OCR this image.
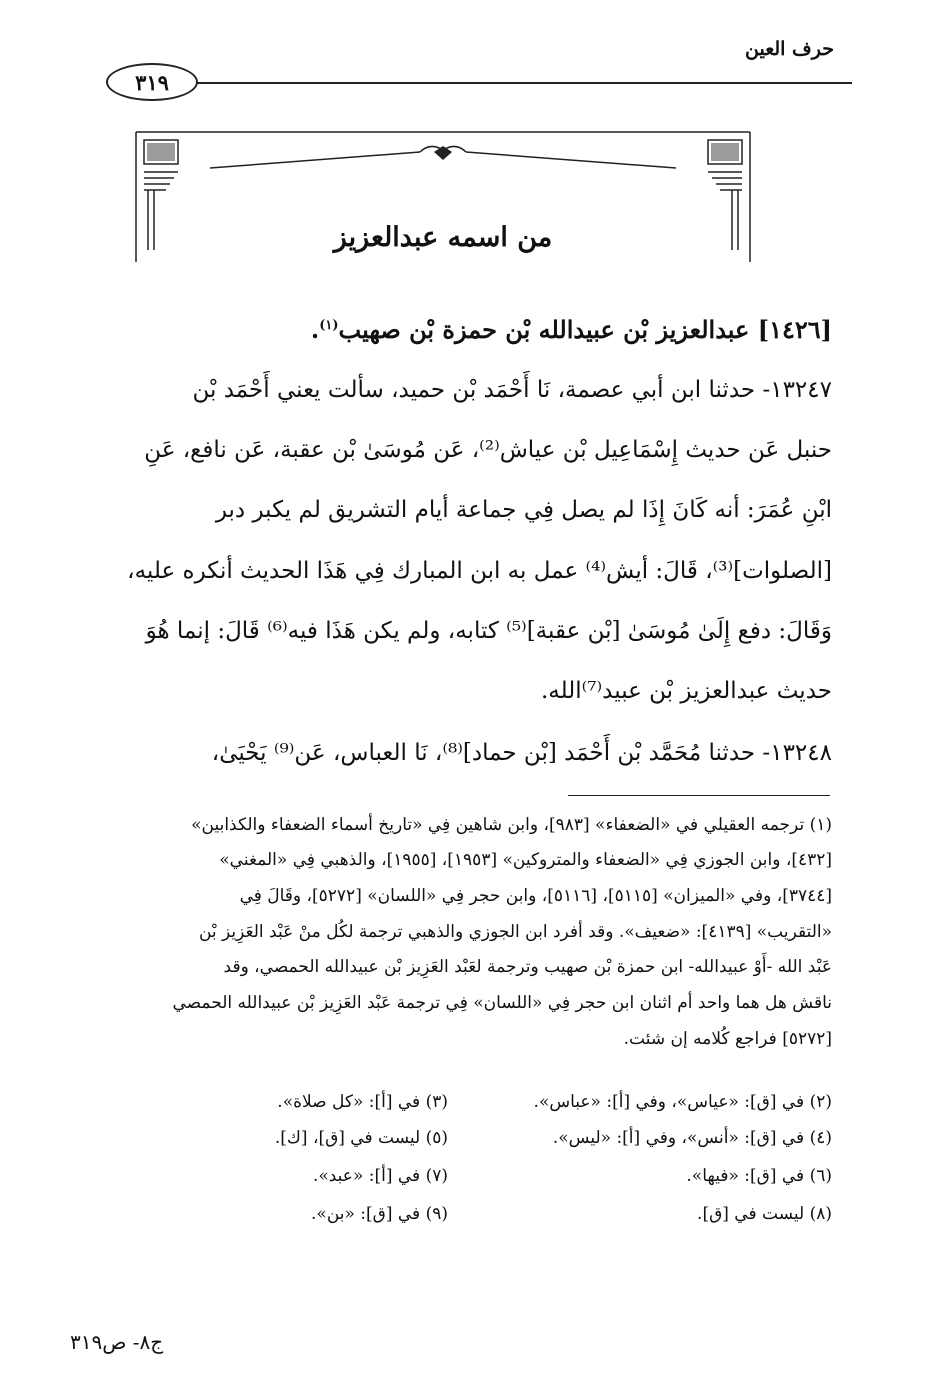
حرف العين
٣١٩
من اسمه عبدالعزيز
[١٤٢٦] عبدالعزيز بْن عبيدالله بْن حمزة بْن صهيب$^{(١)}$.
١٣٢٤٧- حدثنا ابن أبي عصمة، نَا أَحْمَد بْن حميد، سألت يعني أَحْمَد بْن
حنبل عَن حديث إِسْمَاعِيل بْن عياش⁽²⁾، عَن مُوسَىٰ بْن عقبة، عَن نافع، عَنِ
ابْنِ عُمَرَ: أنه كَانَ إِذَا لم يصل فِي جماعة أيام التشريق لم يكبر دبر
[الصلوات]⁽³⁾، قَالَ: أيش⁽⁴⁾ عمل به ابن المبارك فِي هَذَا الحديث أنكره عليه،
وَقَالَ: دفع إِلَىٰ مُوسَىٰ [بْن عقبة]⁽⁵⁾ كتابه، ولم يكن هَذَا فيه⁽⁶⁾ قَالَ: إنما هُوَ
حديث عبدالعزيز بْن عبيد⁽⁷⁾الله.
١٣٢٤٨- حدثنا مُحَمَّد بْن أَحْمَد [بْن حماد]⁽⁸⁾، نَا العباس، عَن⁽⁹⁾ يَحْيَىٰ،
(١) ترجمه العقيلي في «الضعفاء» [٩٨٣]، وابن شاهين فِي «تاريخ أسماء الضعفاء والكذابين»
[٤٣٢]، وابن الجوزي فِي «الضعفاء والمتروكين» [١٩٥٣]، [١٩٥٥]، والذهبي فِي «المغني»
[٣٧٤٤]، وفي «الميزان» [٥١١٥]، [٥١١٦]، وابن حجر فِي «اللسان» [٥٢٧٢]، وقَالَ فِي
«التقريب» [٤١٣٩]: «ضعيف». وقد أفرد ابن الجوزي والذهبي ترجمة لكُل منْ عَبْد العَزِيز بْن
عَبْد الله -أَوْ عبيدالله- ابن حمزة بْن صهيب وترجمة لعَبْد العَزِيز بْن عبيدالله الحمصي، وقد
ناقش هل هما واحد أم اثنان ابن حجر فِي «اللسان» فِي ترجمة عَبْد العَزِيز بْن عبيدالله الحمصي
[٥٢٧٢] فراجع كُلامه إن شئت.
(٢) في [ق]: «عياس»، وفي [أ]: «عباس».
(٣) في [أ]: «كل صلاة».
(٤) في [ق]: «أنس»، وفي [أ]: «ليس».
(٥) ليست في [ق]، [ك].
(٦) في [ق]: «فيها».
(٧) في [أ]: «عبد».
(٨) ليست في [ق].
(٩) في [ق]: «بن».
ج٨- ص٣١٩
